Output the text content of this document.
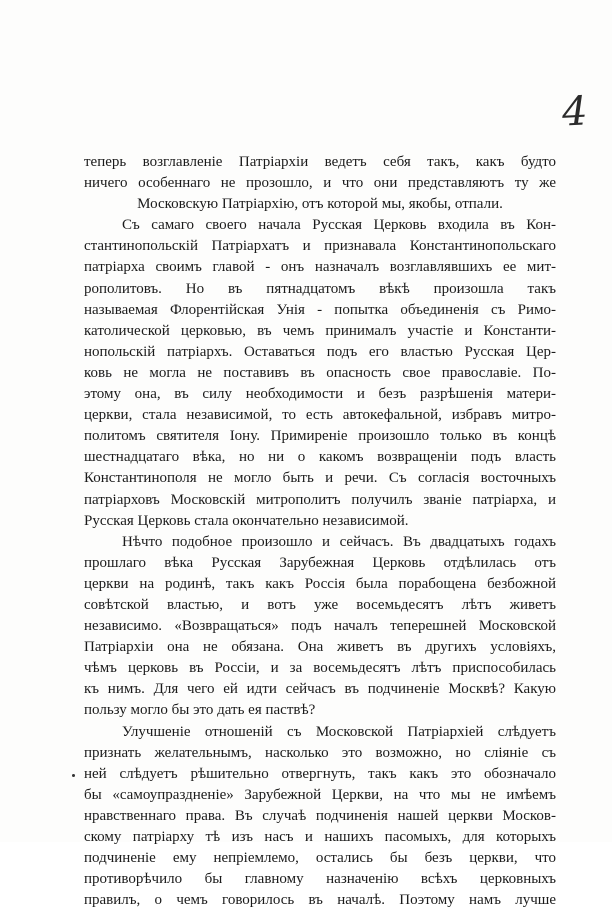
4
теперь возглавленіе Патріархіи ведетъ себя такъ, какъ будто
ничего особеннаго не прозошло, и что они представляютъ ту же
Московскую Патріархію, отъ которой мы, якобы, отпали.
Съ самаго своего начала Русская Церковь входила въ Кон-
стантинопольскій Патріархатъ и признавала Константинопольскаго
патріарха своимъ главой - онъ назначалъ возглавлявшихъ ее мит-
рополитовъ. Но въ пятнадцатомъ вѣкѣ произошла такъ
называемая Флорентійская Унія - попытка объединенія съ Римо-
католической церковью, въ чемъ принималъ участіе и Константи-
нопольскій патріархъ. Оставаться подъ его властью Русская Цер-
ковь не могла не поставивъ въ опасность свое православіе. По-
этому она, въ силу необходимости и безъ разрѣшенія матери-
церкви, стала независимой, то есть автокефальной, избравъ митро-
политомъ святителя Іону. Примиреніе произошло только въ концѣ
шестнадцатаго вѣка, но ни о какомъ возвращеніи подъ власть
Константинополя не могло быть и речи. Съ согласія восточныхъ
патріарховъ Московскій митрополитъ получилъ званіе патріарха, и
Русская Церковь стала окончательно независимой.
Нѣчто подобное произошло и сейчасъ. Въ двадцатыхъ годахъ
прошлаго вѣка Русская Зарубежная Церковь отдѣлилась отъ
церкви на родинѣ, такъ какъ Россія была порабощена безбожной
совѣтской властью, и вотъ уже восемьдесятъ лѣтъ живетъ
независимо. «Возвращаться» подъ началъ теперешней Московской
Патріархіи она не обязана. Она живетъ въ другихъ условіяхъ,
чѣмъ церковь въ Россіи, и за восемьдесятъ лѣтъ приспособилась
къ нимъ. Для чего ей идти сейчасъ въ подчиненіе Москвѣ? Какую
пользу могло бы это дать ея паствѣ?
Улучшеніе отношеній съ Московской Патріархіей слѣдуетъ
признать желательнымъ, насколько это возможно, но сліяніе съ
ней слѣдуетъ рѣшительно отвергнуть, такъ какъ это обозначало
бы «самоупраздненіе» Зарубежной Церкви, на что мы не имѣемъ
нравственнаго права. Въ случаѣ подчиненія нашей церкви Москов-
скому патріарху тѣ изъ насъ и нашихъ пасомыхъ, для которыхъ
подчиненіе ему непріемлемо, остались бы безъ церкви, что
противорѣчило бы главному назначенію всѣхъ церковныхъ
правилъ, о чемъ говорилось въ началѣ. Поэтому намъ лучше
